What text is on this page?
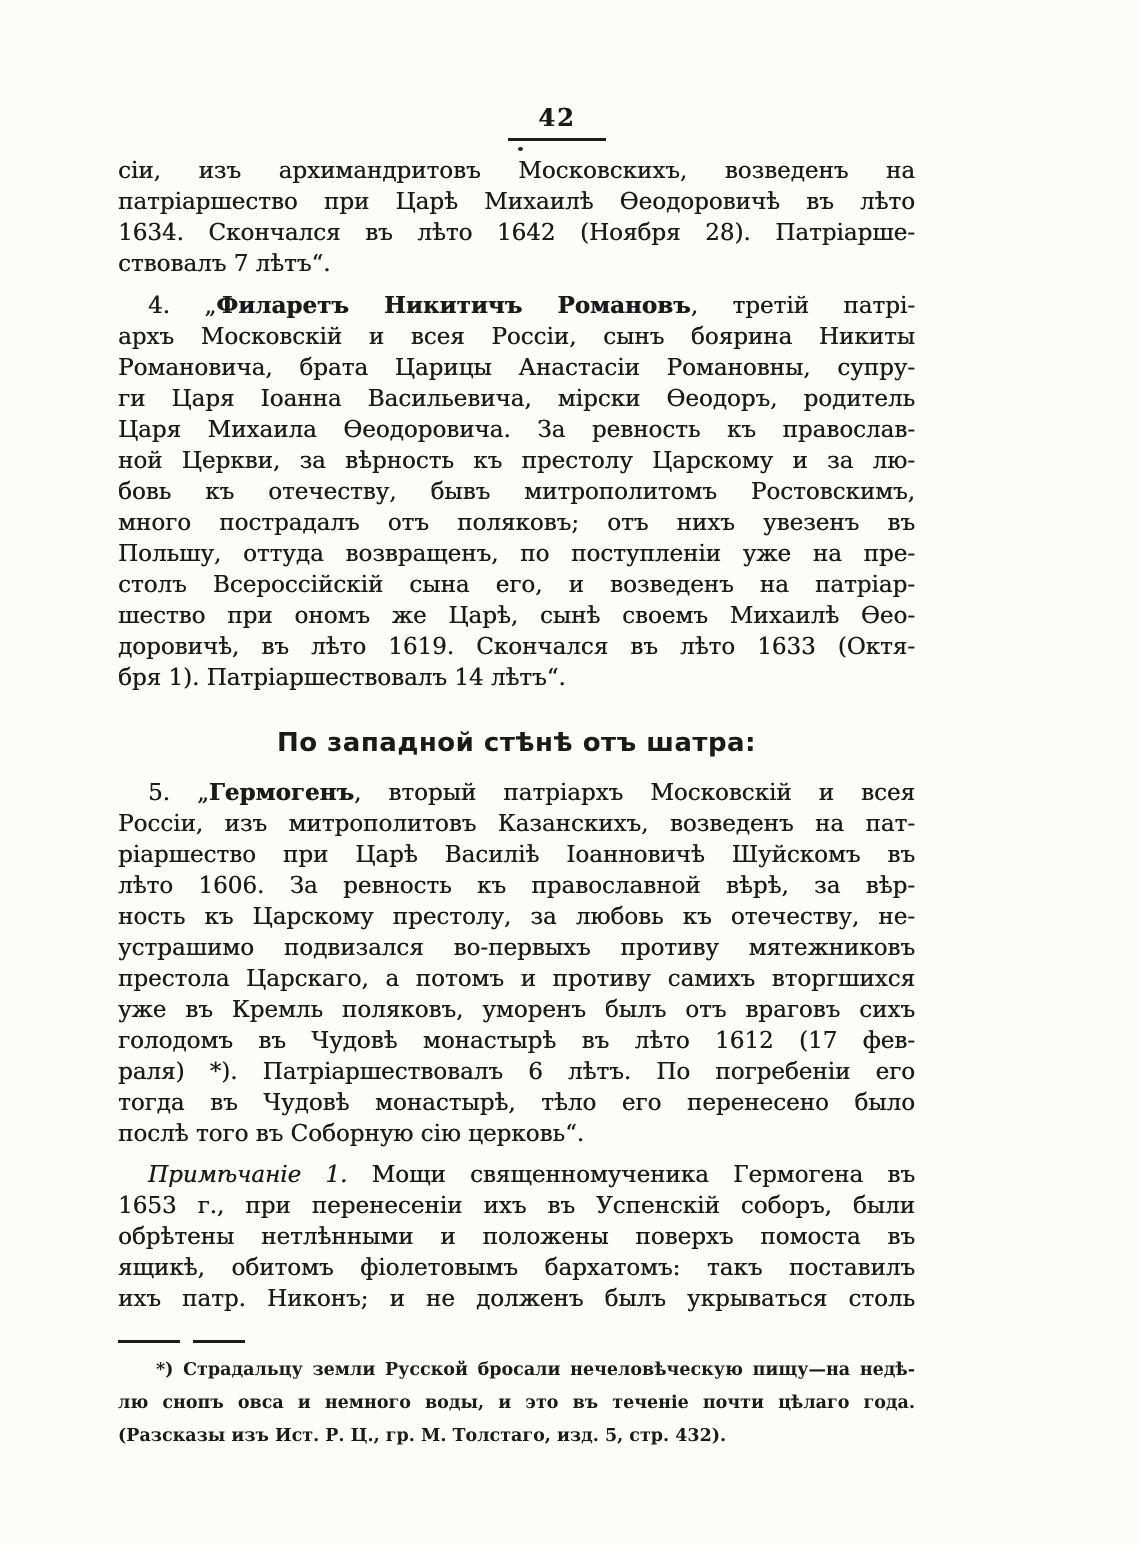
42
сіи, изъ архимандритовъ Московскихъ, возведенъ на
патріаршество при Царѣ Михаилѣ Ѳеодоровичѣ въ лѣто
1634. Скончался въ лѣто 1642 (Ноября 28). Патріарше-
ствовалъ 7 лѣтъ“.
4. „Филаретъ Никитичъ Романовъ, третій патрі-
архъ Московскій и всея Россіи, сынъ боярина Никиты
Романовича, брата Царицы Анастасіи Романовны, супру-
ги Царя Іоанна Васильевича, мірски Ѳеодоръ, родитель
Царя Михаила Ѳеодоровича. За ревность къ православ-
ной Церкви, за вѣрность къ престолу Царскому и за лю-
бовь къ отечеству, бывъ митрополитомъ Ростовскимъ,
много пострадалъ отъ поляковъ; отъ нихъ увезенъ въ
Польшу, оттуда возвращенъ, по поступленіи уже на пре-
столъ Всероссійскій сына его, и возведенъ на патріар-
шество при ономъ же Царѣ, сынѣ своемъ Михаилѣ Ѳео-
доровичѣ, въ лѣто 1619. Скончался въ лѣто 1633 (Октя-
бря 1). Патріаршествовалъ 14 лѣтъ“.
По западной стѣнѣ отъ шатра:
5. „Гермогенъ, вторый патріархъ Московскій и всея
Россіи, изъ митрополитовъ Казанскихъ, возведенъ на пат-
ріаршество при Царѣ Василіѣ Іоанновичѣ Шуйскомъ въ
лѣто 1606. За ревность къ православной вѣрѣ, за вѣр-
ность къ Царскому престолу, за любовь къ отечеству, не-
устрашимо подвизался во-первыхъ противу мятежниковъ
престола Царскаго, а потомъ и противу самихъ вторгшихся
уже въ Кремль поляковъ, уморенъ былъ отъ враговъ сихъ
голодомъ въ Чудовѣ монастырѣ въ лѣто 1612 (17 фев-
раля) *). Патріаршествовалъ 6 лѣтъ. По погребеніи его
тогда въ Чудовѣ монастырѣ, тѣло его перенесено было
послѣ того въ Соборную сію церковь“.
Примѣчаніе 1. Мощи священномученика Гермогена въ
1653 г., при перенесеніи ихъ въ Успенскій соборъ, были
обрѣтены нетлѣнными и положены поверхъ помоста въ
ящикѣ, обитомъ фіолетовымъ бархатомъ: такъ поставилъ
ихъ патр. Никонъ; и не долженъ былъ укрываться столь
*) Страдальцу земли Русской бросали нечеловѣческую пищу—на недѣ-
лю снопъ овса и немного воды, и это въ теченіе почти цѣлаго года.
(Разсказы изъ Ист. Р. Ц., гр. М. Толстаго, изд. 5, стр. 432).
